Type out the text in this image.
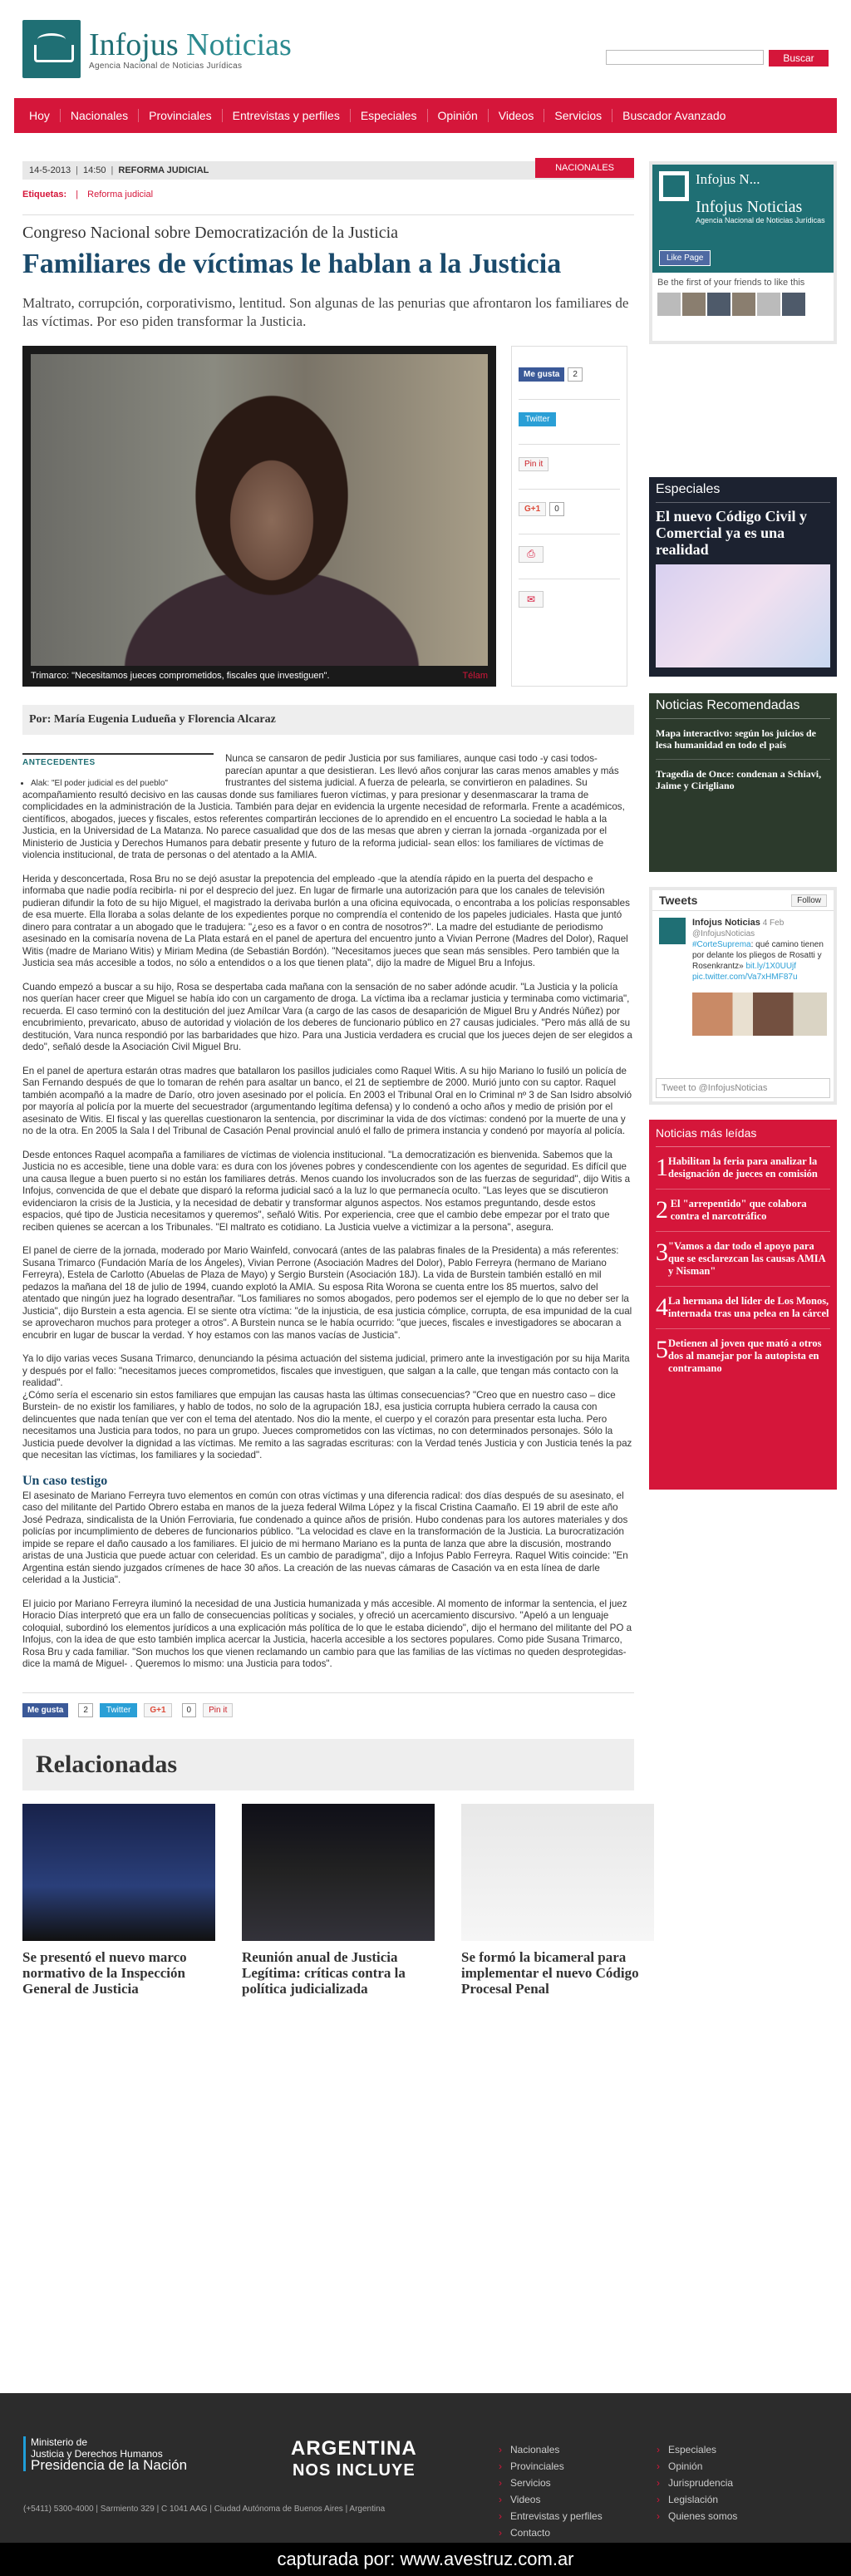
Infojus Noticias
Agencia Nacional de Noticias Jurídicas
Buscar
Hoy	Nacionales	Provinciales	Entrevistas y perfiles	Especiales	Opinión	Videos	Servicios	Buscador Avanzado
14-5-2013 | 14:50 | REFORMA JUDICIAL	NACIONALES
Etiquetas: | Reforma judicial
Congreso Nacional sobre Democratización de la Justicia
Familiares de víctimas le hablan a la Justicia
Maltrato, corrupción, corporativismo, lentitud. Son algunas de las penurias que afrontaron los familiares de las víctimas. Por eso piden transformar la Justicia.
Trimarco: "Necesitamos jueces comprometidos, fiscales que investiguen".	Télam
Me gusta	2
Twitter
Pin it
G+1	0
⎙
✉
Por: María Eugenia Ludueña y Florencia Alcaraz
ANTECEDENTES
• Alak: "El poder judicial es del pueblo"

Nunca se cansaron de pedir Justicia por sus familiares, aunque casi todo -y casi todos- parecían apuntar a que desistieran. Les llevó años conjurar las caras menos amables y más frustrantes del sistema judicial. A fuerza de pelearla, se convirtieron en paladines. Su acompañamiento resultó decisivo en las causas donde sus familiares fueron víctimas, y para presionar y desenmascarar la trama de complicidades en la administración de la Justicia. También para dejar en evidencia la urgente necesidad de reformarla. Frente a académicos, científicos, abogados, jueces y fiscales, estos referentes compartirán lecciones de lo aprendido en el encuentro La sociedad le habla a la Justicia, en la Universidad de La Matanza. No parece casualidad que dos de las mesas que abren y cierran la jornada -organizada por el Ministerio de Justicia y Derechos Humanos para debatir presente y futuro de la reforma judicial- sean ellos: los familiares de víctimas de violencia institucional, de trata de personas o del atentado a la AMIA.

Herida y desconcertada, Rosa Bru no se dejó asustar la prepotencia del empleado -que la atendía rápido en la puerta del despacho e informaba que nadie podía recibirla- ni por el desprecio del juez. En lugar de firmarle una autorización para que los canales de televisión pudieran difundir la foto de su hijo Miguel, el magistrado la derivaba burlón a una oficina equivocada, o encontraba a los policías responsables de esa muerte. Ella lloraba a solas delante de los expedientes porque no comprendía el contenido de los papeles judiciales. Hasta que juntó dinero para contratar a un abogado que le tradujera: "¿eso es a favor o en contra de nosotros?". La madre del estudiante de periodismo asesinado en la comisaría novena de La Plata estará en el panel de apertura del encuentro junto a Vivian Perrone (Madres del Dolor), Raquel Witis (madre de Mariano Witis) y Miriam Medina (de Sebastián Bordón). "Necesitamos jueces que sean más sensibles. Pero también que la Justicia sea más accesible a todos, no sólo a entendidos o a los que tienen plata", dijo la madre de Miguel Bru a Infojus.

Cuando empezó a buscar a su hijo, Rosa se despertaba cada mañana con la sensación de no saber adónde acudir. "La Justicia y la policía nos querían hacer creer que Miguel se había ido con un cargamento de droga. La víctima iba a reclamar justicia y terminaba como victimaria", recuerda. El caso terminó con la destitución del juez Amílcar Vara (a cargo de las casos de desaparición de Miguel Bru y Andrés Núñez) por encubrimiento, prevaricato, abuso de autoridad y violación de los deberes de funcionario público en 27 causas judiciales. "Pero más allá de su destitución, Vara nunca respondió por las barbaridades que hizo. Para una Justicia verdadera es crucial que los jueces dejen de ser elegidos a dedo", señaló desde la Asociación Civil Miguel Bru.

En el panel de apertura estarán otras madres que batallaron los pasillos judiciales como Raquel Witis. A su hijo Mariano lo fusiló un policía de San Fernando después de que lo tomaran de rehén para asaltar un banco, el 21 de septiembre de 2000. Murió junto con su captor. Raquel también acompañó a la madre de Darío, otro joven asesinado por el policía. En 2003 el Tribunal Oral en lo Criminal nº 3 de San Isidro absolvió por mayoría al policía por la muerte del secuestrador (argumentando legítima defensa) y lo condenó a ocho años y medio de prisión por el asesinato de Witis. El fiscal y las querellas cuestionaron la sentencia, por discriminar la vida de dos víctimas: condenó por la muerte de una y no de la otra. En 2005 la Sala I del Tribunal de Casación Penal provincial anuló el fallo de primera instancia y condenó por mayoría al policía.

Desde entonces Raquel acompaña a familiares de víctimas de violencia institucional. "La democratización es bienvenida. Sabemos que la Justicia no es accesible, tiene una doble vara: es dura con los jóvenes pobres y condescendiente con los agentes de seguridad. Es difícil que una causa llegue a buen puerto si no están los familiares detrás. Menos cuando los involucrados son de las fuerzas de seguridad", dijo Witis a Infojus, convencida de que el debate que disparó la reforma judicial sacó a la luz lo que permanecía oculto. "Las leyes que se discutieron evidenciaron la crisis de la Justicia, y la necesidad de debatir y transformar algunos aspectos. Nos estamos preguntando, desde estos espacios, qué tipo de Justicia necesitamos y queremos", señaló Witis. Por experiencia, cree que el cambio debe empezar por el trato que reciben quienes se acercan a los Tribunales. "El maltrato es cotidiano. La Justicia vuelve a victimizar a la persona", asegura.

El panel de cierre de la jornada, moderado por Mario Wainfeld, convocará (antes de las palabras finales de la Presidenta) a más referentes: Susana Trimarco (Fundación María de los Ángeles), Vivian Perrone (Asociación Madres del Dolor), Pablo Ferreyra (hermano de Mariano Ferreyra), Estela de Carlotto (Abuelas de Plaza de Mayo) y Sergio Burstein (Asociación 18J). La vida de Burstein también estalló en mil pedazos la mañana del 18 de julio de 1994, cuando explotó la AMIA. Su esposa Rita Worona se cuenta entre los 85 muertos, salvo del atentado que ningún juez ha logrado desentrañar. "Los familiares no somos abogados, pero podemos ser el ejemplo de lo que no deber ser la Justicia", dijo Burstein a esta agencia. El se siente otra víctima: "de la injusticia, de esa justicia cómplice, corrupta, de esa impunidad de la cual se aprovecharon muchos para proteger a otros". A Burstein nunca se le había ocurrido: "que jueces, fiscales e investigadores se abocaran a encubrir en lugar de buscar la verdad. Y hoy estamos con las manos vacías de Justicia".

Ya lo dijo varias veces Susana Trimarco, denunciando la pésima actuación del sistema judicial, primero ante la investigación por su hija Marita y después por el fallo: "necesitamos jueces comprometidos, fiscales que investiguen, que salgan a la calle, que tengan más contacto con la realidad".
¿Cómo sería el escenario sin estos familiares que empujan las causas hasta las últimas consecuencias? "Creo que en nuestro caso – dice Burstein- de no existir los familiares, y hablo de todos, no solo de la agrupación 18J, esa justicia corrupta hubiera cerrado la causa con delincuentes que nada tenían que ver con el tema del atentado. Nos dio la mente, el cuerpo y el corazón para presentar esta lucha. Pero necesitamos una Justicia para todos, no para un grupo. Jueces comprometidos con las víctimas, no con determinados personajes. Sólo la Justicia puede devolver la dignidad a las víctimas. Me remito a las sagradas escrituras: con la Verdad tenés Justicia y con Justicia tenés la paz que necesitan las víctimas, los familiares y la sociedad".

Un caso testigo

El asesinato de Mariano Ferreyra tuvo elementos en común con otras víctimas y una diferencia radical: dos días después de su asesinato, el caso del militante del Partido Obrero estaba en manos de la jueza federal Wilma López y la fiscal Cristina Caamaño. El 19 abril de este año José Pedraza, sindicalista de la Unión Ferroviaria, fue condenado a quince años de prisión. Hubo condenas para los autores materiales y dos policías por incumplimiento de deberes de funcionarios público. "La velocidad es clave en la transformación de la Justicia. La burocratización impide se repare el daño causado a los familiares. El juicio de mi hermano Mariano es la punta de lanza que abre la discusión, mostrando aristas de una Justicia que puede actuar con celeridad. Es un cambio de paradigma", dijo a Infojus Pablo Ferreyra. Raquel Witis coincide: "En Argentina están siendo juzgados crímenes de hace 30 años. La creación de las nuevas cámaras de Casación va en esta línea de darle celeridad a la Justicia".

El juicio por Mariano Ferreyra iluminó la necesidad de una Justicia humanizada y más accesible. Al momento de informar la sentencia, el juez Horacio Días interpretó que era un fallo de consecuencias políticas y sociales, y ofreció un acercamiento discursivo. "Apeló a un lenguaje coloquial, subordinó los elementos jurídicos a una explicación más política de lo que le estaba diciendo", dijo el hermano del militante del PO a Infojus, con la idea de que esto también implica acercar la Justicia, hacerla accesible a los sectores populares. Como pide Susana Trimarco, Rosa Bru y cada familiar. "Son muchos los que vienen reclamando un cambio para que las familias de las víctimas no queden desprotegidas- dice la mamá de Miguel- . Queremos lo mismo: una Justicia para todos".

Me gusta	2	Twitter	G+1	0	Pin it
Relacionadas
Se presentó el nuevo marco normativo de la Inspección General de Justicia
Reunión anual de Justicia Legítima: críticas contra la política judicializada
Se formó la bicameral para implementar el nuevo Código Procesal Penal
Infojus N...
Infojus Noticias
Agencia Nacional de Noticias Jurídicas
Like Page
Be the first of your friends to like this
Especiales
El nuevo Código Civil y Comercial ya es una realidad
Noticias Recomendadas
Mapa interactivo: según los juicios de lesa humanidad en todo el país
Tragedia de Once: condenan a Schiavi, Jaime y Cirigliano
Tweets	Follow
Infojus Noticias 4 Feb
@InfojusNoticias
#CorteSuprema: qué camino tienen por delante los pliegos de Rosatti y Rosenkrantz» bit.ly/1X0UUjf pic.twitter.com/Va7xHMF87u
Tweet to @InfojusNoticias
Noticias más leídas
1 Habilitan la feria para analizar la designación de jueces en comisión
2 El "arrepentido" que colabora contra el narcotráfico
3 "Vamos a dar todo el apoyo para que se esclarezcan las causas AMIA y Nisman"
4 La hermana del líder de Los Monos, internada tras una pelea en la cárcel
5 Detienen al joven que mató a otros dos al manejar por la autopista en contramano
Ministerio de
Justicia y Derechos Humanos
Presidencia de la Nación
ARGENTINA
NOS INCLUYE
› Nacionales
› Provinciales
› Servicios
› Videos
› Entrevistas y perfiles
› Contacto
› Especiales
› Opinión
› Jurisprudencia
› Legislación
› Quienes somos
(+5411) 5300-4000 | Sarmiento 329 | C 1041 AAG | Ciudad Autónoma de Buenos Aires | Argentina
capturada por: www.avestruz.com.ar
